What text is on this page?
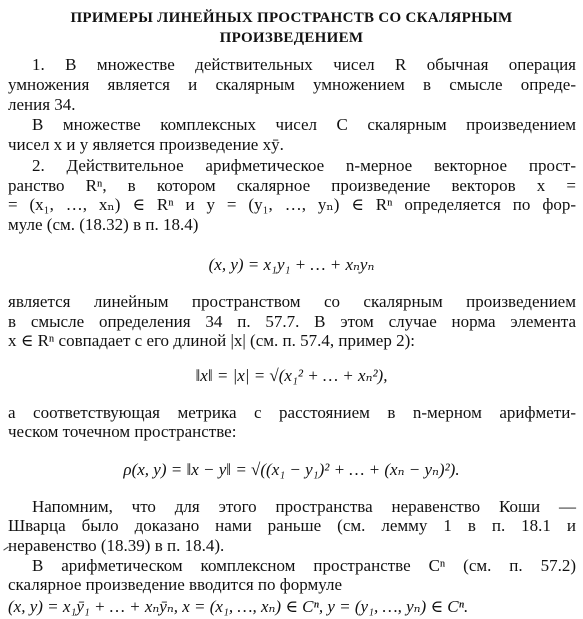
ПРИМЕРЫ ЛИНЕЙНЫХ ПРОСТРАНСТВ СО СКАЛЯРНЫМ
ПРОИЗВЕДЕНИЕМ
1. В множестве действительных чисел R обычная операция
умножения является и скалярным умножением в смысле опреде-
ления 34.
В множестве комплексных чисел C скалярным произведением
чисел x и y является произведение xȳ.
2. Действительное арифметическое n-мерное векторное прост-
ранство Rⁿ, в котором скалярное произведение векторов x =
= (x₁, …, xₙ) ∈ Rⁿ и y = (y₁, …, yₙ) ∈ Rⁿ определяется по фор-
муле (см. (18.32) в п. 18.4)
(x, y) = x₁y₁ + … + xₙyₙ
является линейным пространством со скалярным произведением
в смысле определения 34 п. 57.7. В этом случае норма элемента
x ∈ Rⁿ совпадает с его длиной |x| (см. п. 57.4, пример 2):
‖x‖ = |x| = √(x₁² + … + xₙ²),
а соответствующая метрика с расстоянием в n-мерном арифмети-
ческом точечном пространстве:
ρ(x, y) = ‖x − y‖ = √((x₁ − y₁)² + … + (xₙ − yₙ)²).
Напомним, что для этого пространства неравенство Коши —
Шварца было доказано нами раньше (см. лемму 1 в п. 18.1 и
неравенство (18.39) в п. 18.4).
В арифметическом комплексном пространстве Cⁿ (см. п. 57.2)
скалярное произведение вводится по формуле
(x, y) = x₁ȳ₁ + … + xₙȳₙ, x = (x₁, …, xₙ) ∈ Cⁿ, y = (y₁, …, yₙ) ∈ Cⁿ.
